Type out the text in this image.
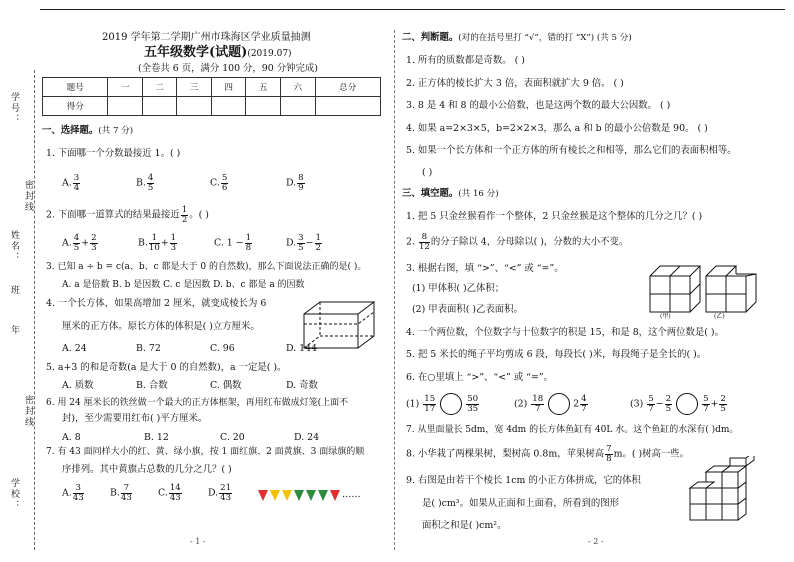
学号：
密封线
姓名：
班
年
密封线
学校：
2019 学年第二学期广州市珠海区学业质量抽测
五年级数学(试题)(2019.07)
(全卷共 6 页，满分 100 分，90 分钟完成)
题号	一	二	三	四	五	六	总分
得分							
一、选择题。(共 7 分)
1. 下面哪一个分数最接近 1。( )
A. $\frac{3}{4}$	B. $\frac{4}{5}$	C. $\frac{5}{6}$	D. $\frac{8}{9}$
2. 下面哪一道算式的结果最接近 $\frac{1}{2}$ 。( )
A. $\frac{4}{5} + \frac{2}{3}$	B. $\frac{1}{10} + \frac{1}{3}$	C. $1 - \frac{1}{8}$	D. $\frac{3}{5} - \frac{1}{2}$
3. 已知 a ÷ b = c(a、b、c 都是大于 0 的自然数)，那么下面说法正确的是( )。
A. a 是倍数 B. b 是因数 C. c 是因数 D. b、c 都是 a 的因数
4. 一个长方体，如果高增加 2 厘米，就变成棱长为 6
厘米的正方体。原长方体的体积是( )立方厘米。
A. 24	B. 72	C. 96	D. 144
5. a+3 的和是奇数(a 是大于 0 的自然数)，a 一定是( )。
A. 质数	B. 合数	C. 偶数	D. 奇数
6. 用 24 厘米长的铁丝做一个最大的正方体框架，再用红布做成灯笼(上面不
封)，至少需要用红布( )平方厘米。
A. 8	B. 12	C. 20	D. 24
7. 有 43 面同样大小的红、黄、绿小旗，按 1 面红旗、2 面黄旗、3 面绿旗的顺
序排列。其中黄旗占总数的几分之几？( )
A. $\frac{3}{43}$	B. $\frac{7}{43}$	C. $\frac{14}{43}$	D. $\frac{21}{43}$	……
- 1 -
二、判断题。(对的在括号里打 “√”，错的打 “X”) (共 5 分)
1. 所有的质数都是奇数。 ( )
2. 正方体的棱长扩大 3 倍，表面积就扩大 9 倍。 ( )
3. 8 是 4 和 8 的最小公倍数，也是这两个数的最大公因数。 ( )
4. 如果 a=2×3×5，b=2×2×3，那么 a 和 b 的最小公倍数是 90。 ( )
5. 如果一个长方体和一个正方体的所有棱长之和相等，那么它们的表面积相等。
( )
三、填空题。(共 16 分)
1. 把 5 只金丝猴看作一个整体，2 只金丝猴是这个整体的几分之几？( )
2. $\frac{8}{12}$ 的分子除以 4，分母除以( )，分数的大小不变。
3. 根据右图，填 “>”、“<” 或 “=”。
(1) 甲体积( )乙体积；
(2) 甲表面积( )乙表面积。
(甲)	(乙)
4. 一个两位数，个位数字与十位数字的积是 15，和是 8，这个两位数是( )。
5. 把 5 米长的绳子平均剪成 6 段，每段长( )米，每段绳子是全长的( )。
6. 在○里填上 “>”、“<” 或 “=”。
$(1) \frac{15}{17}$	$\frac{50}{35}$	$(2) \frac{18}{7}$	$2 \frac{4}{7}$	$(3) \frac{5}{7} - \frac{2}{5}$	$\frac{5}{7} + \frac{2}{5}$
7. 从里面量长 5dm，宽 4dm 的长方体鱼缸有 40L 水。这个鱼缸的水深有( )dm。
8. 小华栽了两棵果树，梨树高 0.8m，苹果树高 $\frac{7}{8}$ m。( )树高一些。
9. 右图是由若干个棱长 1cm 的小正方体拼成，它的体积
是( )cm³。如果从正面和上面看，所看到的图形
面积之和是( )cm²。
- 2 -
